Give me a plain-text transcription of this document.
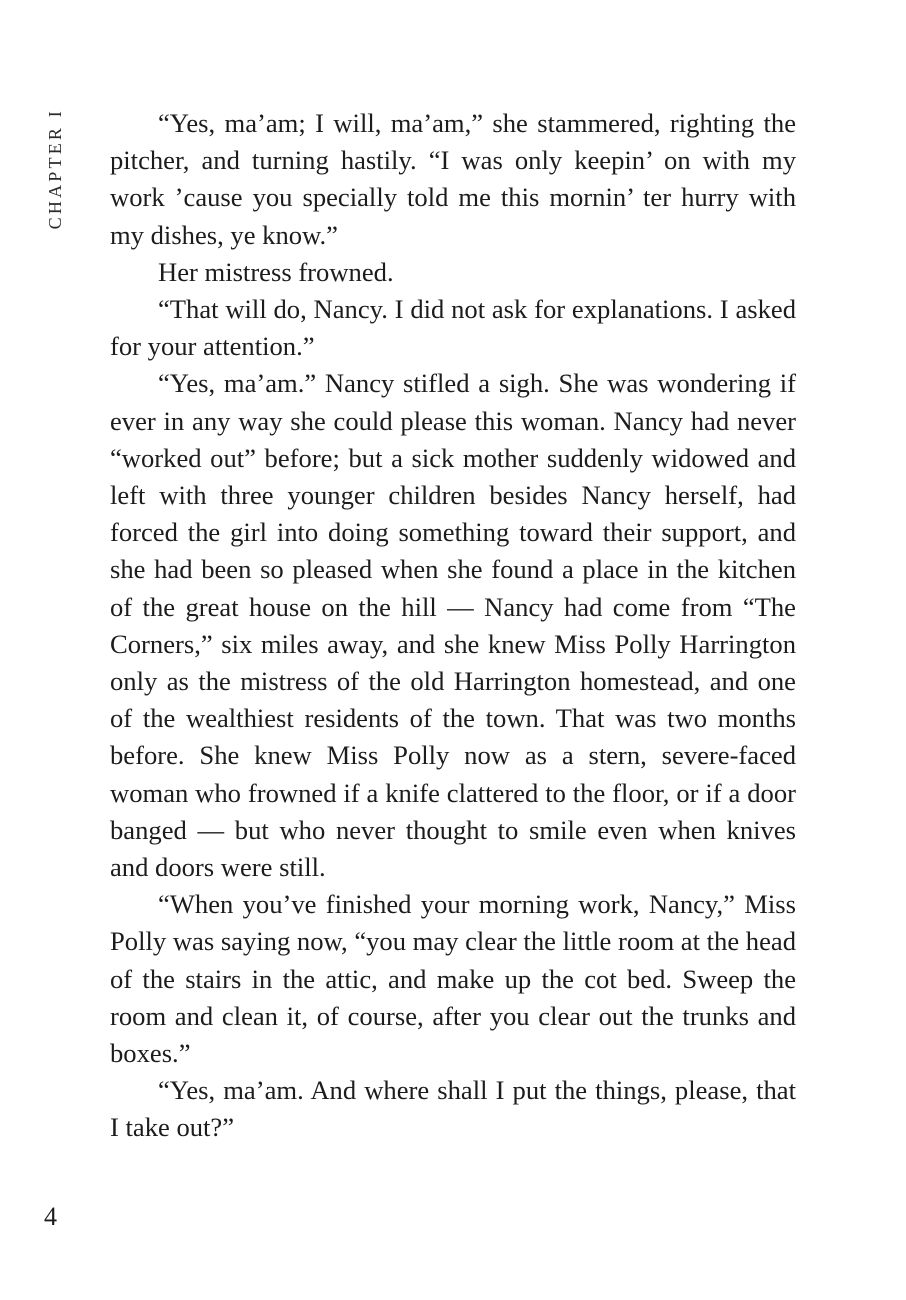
CHAPTER I	“Yes, ma’am; I will, ma’am,” she stammered, righting the pitcher, and turning hastily. “I was only keepin’ on with my work ’cause you specially told me this mornin’ ter hurry with my dishes, ye know.”

Her mistress frowned.

“That will do, Nancy. I did not ask for explanations. I asked for your attention.”

“Yes, ma’am.” Nancy stifled a sigh. She was wondering if ever in any way she could please this woman. Nancy had never “worked out” before; but a sick mother suddenly widowed and left with three younger children besides Nancy herself, had forced the girl into doing something toward their support, and she had been so pleased when she found a place in the kitchen of the great house on the hill — Nancy had come from “The Corners,” six miles away, and she knew Miss Polly Harrington only as the mistress of the old Harrington homestead, and one of the wealthiest residents of the town. That was two months before. She knew Miss Polly now as a stern, severe-faced woman who frowned if a knife clattered to the floor, or if a door banged — but who never thought to smile even when knives and doors were still.

“When you’ve finished your morning work, Nancy,” Miss Polly was saying now, “you may clear the little room at the head of the stairs in the attic, and make up the cot bed. Sweep the room and clean it, of course, after you clear out the trunks and boxes.”

“Yes, ma’am. And where shall I put the things, please, that I take out?”

4
